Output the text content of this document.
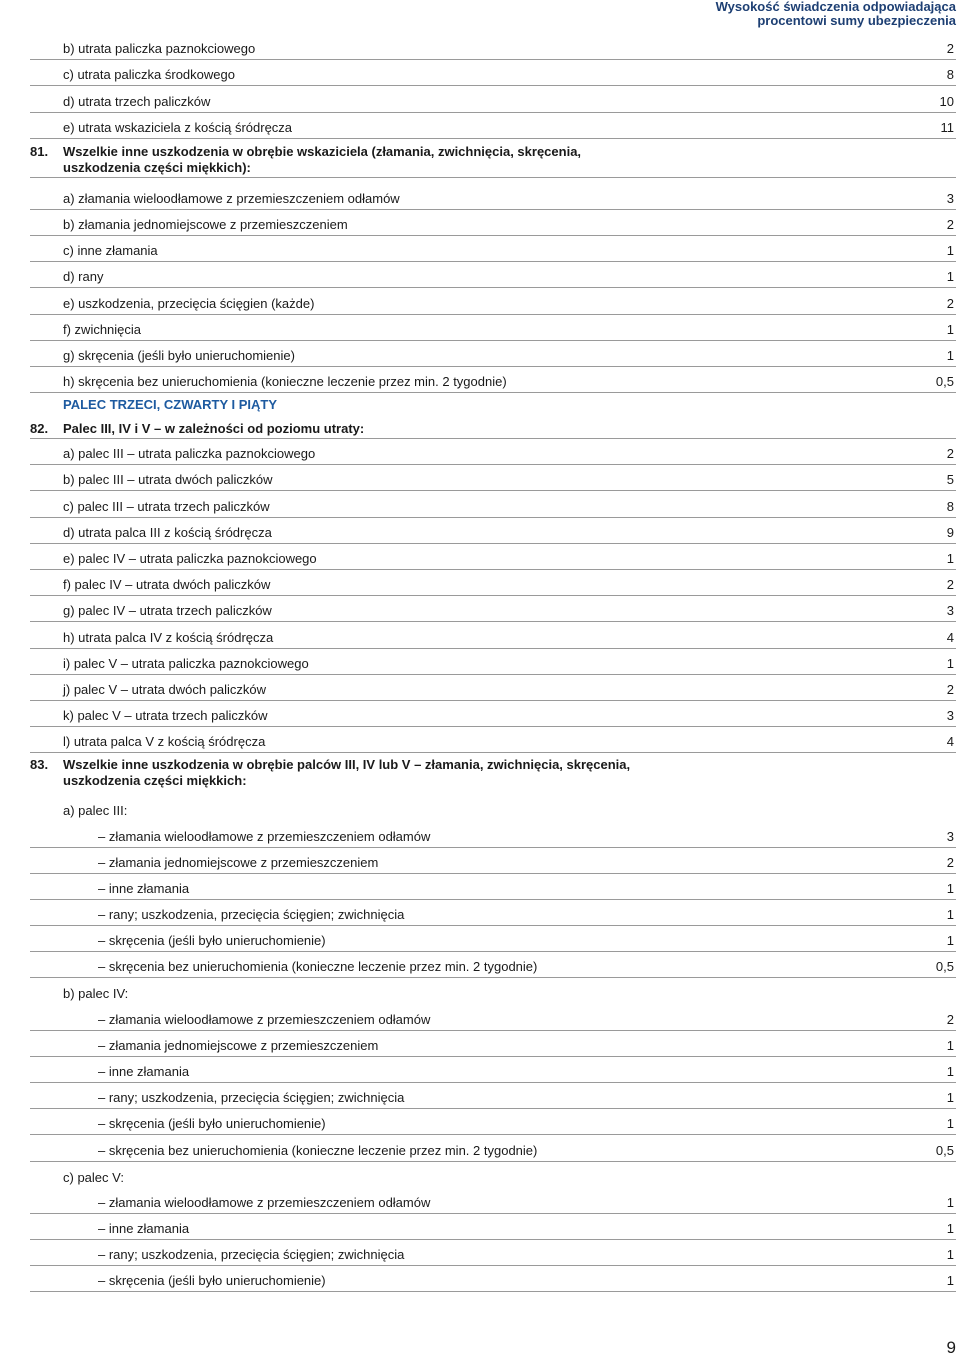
Wysokość świadczenia odpowiadająca
procentowi sumy ubezpieczenia
b) utrata paliczka paznokciowego	2
c) utrata paliczka środkowego	8
d) utrata trzech paliczków	10
e) utrata wskaziciela z kością śródręcza	11
81.	Wszelkie inne uszkodzenia w obrębie wskaziciela (złamania, zwichnięcia, skręcenia,
uszkodzenia części miękkich):
a) złamania wieloodłamowe z przemieszczeniem odłamów	3
b) złamania jednomiejscowe z przemieszczeniem	2
c) inne złamania	1
d) rany	1
e) uszkodzenia, przecięcia ścięgien (każde)	2
f) zwichnięcia	1
g) skręcenia (jeśli było unieruchomienie)	1
h) skręcenia bez unieruchomienia (konieczne leczenie przez min. 2 tygodnie)	0,5
PALEC TRZECI, CZWARTY I PIĄTY
82.	Palec III, IV i V – w zależności od poziomu utraty:
a) palec III – utrata paliczka paznokciowego	2
b) palec III – utrata dwóch paliczków	5
c) palec III – utrata trzech paliczków	8
d) utrata palca III z kością śródręcza	9
e) palec IV – utrata paliczka paznokciowego	1
f) palec IV – utrata dwóch paliczków	2
g) palec IV – utrata trzech paliczków	3
h) utrata palca IV z kością śródręcza	4
i) palec V – utrata paliczka paznokciowego	1
j) palec V – utrata dwóch paliczków	2
k) palec V – utrata trzech paliczków	3
l) utrata palca V z kością śródręcza	4
83.	Wszelkie inne uszkodzenia w obrębie palców III, IV lub V – złamania, zwichnięcia, skręcenia,
uszkodzenia części miękkich:
a) palec III:
– złamania wieloodłamowe z przemieszczeniem odłamów	3
– złamania jednomiejscowe z przemieszczeniem	2
– inne złamania	1
– rany; uszkodzenia, przecięcia ścięgien; zwichnięcia	1
– skręcenia (jeśli było unieruchomienie)	1
– skręcenia bez unieruchomienia (konieczne leczenie przez min. 2 tygodnie)	0,5
b) palec IV:
– złamania wieloodłamowe z przemieszczeniem odłamów	2
– złamania jednomiejscowe z przemieszczeniem	1
– inne złamania	1
– rany; uszkodzenia, przecięcia ścięgien; zwichnięcia	1
– skręcenia (jeśli było unieruchomienie)	1
– skręcenia bez unieruchomienia (konieczne leczenie przez min. 2 tygodnie)	0,5
c) palec V:
– złamania wieloodłamowe z przemieszczeniem odłamów	1
– inne złamania	1
– rany; uszkodzenia, przecięcia ścięgien; zwichnięcia	1
– skręcenia (jeśli było unieruchomienie)	1
9
